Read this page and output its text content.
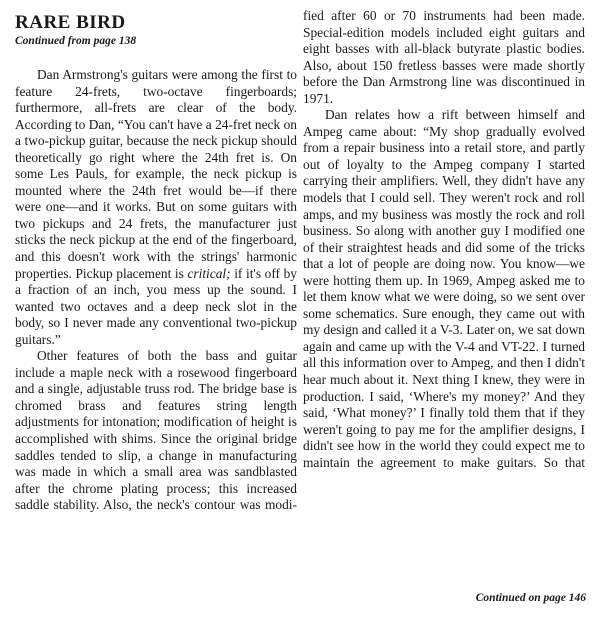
RARE BIRD
Continued from page 138

Dan Armstrong's guitars were among the first to feature 24-frets, two-octave fingerboards; furthermore, all-frets are clear of the body. According to Dan, “You can't have a 24-fret neck on a two-pickup guitar, because the neck pickup should theoretically go right where the 24th fret is. On some Les Pauls, for example, the neck pickup is mounted where the 24th fret would be—if there were one—and it works. But on some guitars with two pickups and 24 frets, the manufacturer just sticks the neck pickup at the end of the fingerboard, and this doesn't work with the strings' harmonic properties. Pickup placement is critical; if it's off by a fraction of an inch, you mess up the sound. I wanted two octaves and a deep neck slot in the body, so I never made any conventional two-pickup guitars.”

Other features of both the bass and guitar include a maple neck with a rosewood fingerboard and a single, adjustable truss rod. The bridge base is chromed brass and features string length adjustments for intonation; modification of height is accomplished with shims. Since the original bridge saddles tended to slip, a change in manufacturing was made in which a small area was sandblasted after the chrome plating process; this increased saddle stability. Also, the neck's contour was modi-

fied after 60 or 70 instruments had been made. Special-edition models included eight guitars and eight basses with all-black butyrate plastic bodies. Also, about 150 fretless basses were made shortly before the Dan Armstrong line was discontinued in 1971.

Dan relates how a rift between himself and Ampeg came about: “My shop gradually evolved from a repair business into a retail store, and partly out of loyalty to the Ampeg company I started carrying their amplifiers. Well, they didn't have any models that I could sell. They weren't rock and roll amps, and my business was mostly the rock and roll business. So along with another guy I modified one of their straightest heads and did some of the tricks that a lot of people are doing now. You know—we were hotting them up. In 1969, Ampeg asked me to let them know what we were doing, so we sent over some schematics. Sure enough, they came out with my design and called it a V-3. Later on, we sat down again and came up with the V-4 and VT-22. I turned all this information over to Ampeg, and then I didn't hear much about it. Next thing I knew, they were in production. I said, ‘Where's my money?’ And they said, ‘What money?’ I finally told them that if they weren't going to pay me for the amplifier designs, I didn't see how in the world they could expect me to maintain the agreement to make guitars. So that

Continued on page 146
